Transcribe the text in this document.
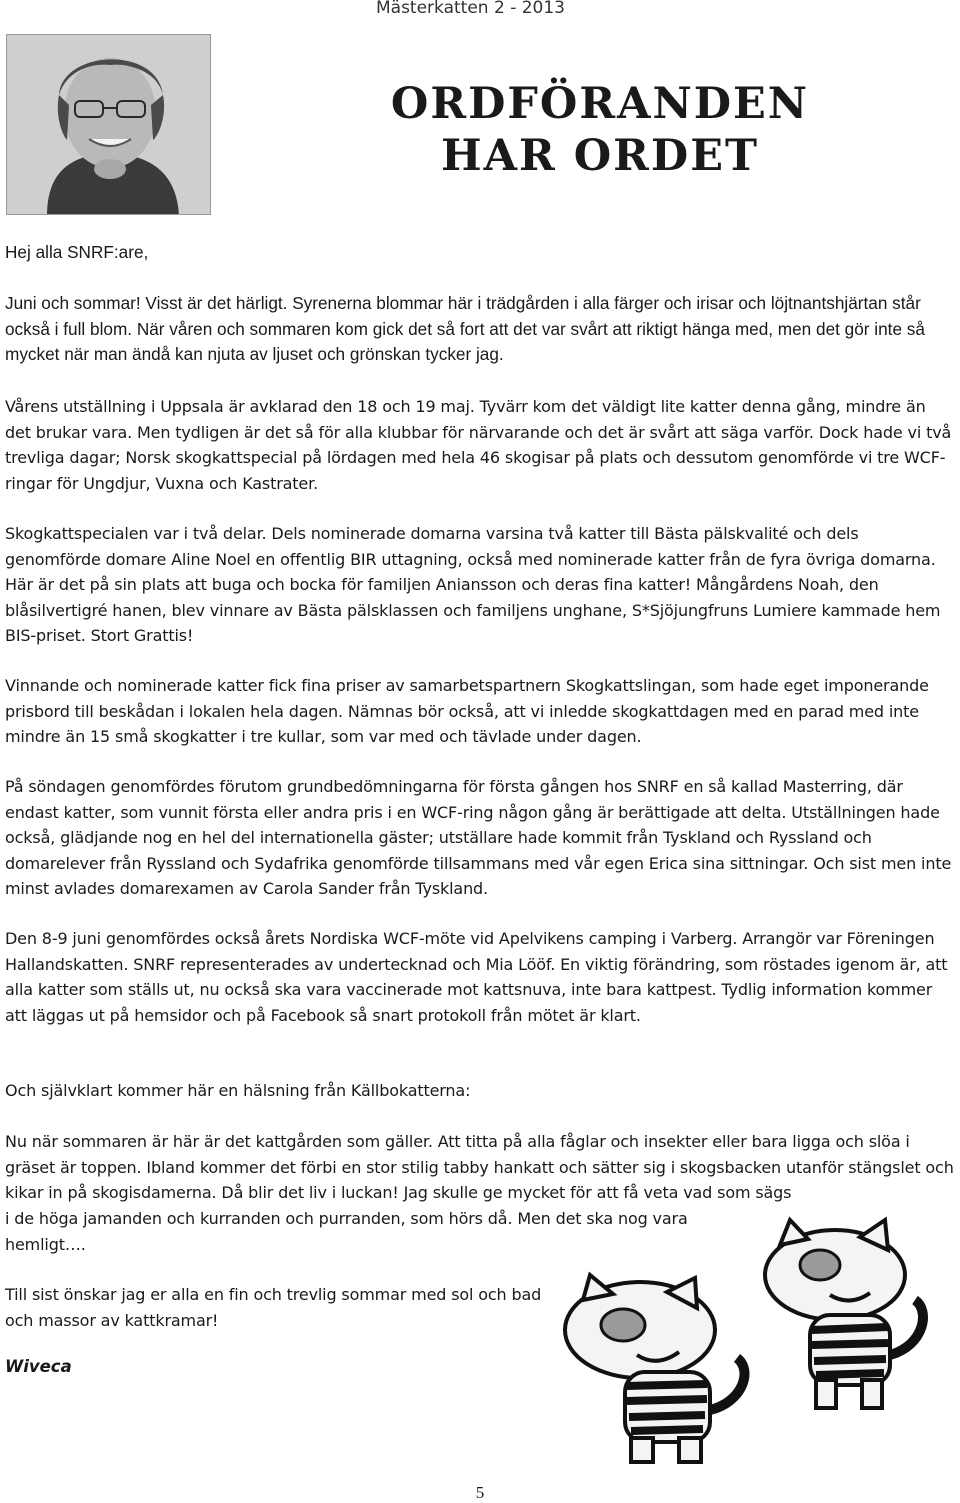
Mästerkatten 2 - 2013
ORDFÖRANDEN
HAR ORDET

Hej alla SNRF:are,

Juni och sommar! Visst är det härligt. Syrenerna blommar här i trädgården i alla färger och irisar och löjtnantshjärtan står också i full blom. När våren och sommaren kom gick det så fort att det var svårt att riktigt hänga med, men det gör inte så mycket när man ändå kan njuta av ljuset och grönskan tycker jag.

Vårens utställning i Uppsala är avklarad den 18 och 19 maj. Tyvärr kom det väldigt lite katter denna gång, mindre än det brukar vara. Men tydligen är det så för alla klubbar för närvarande och det är svårt att säga varför. Dock hade vi två trevliga dagar; Norsk skogkattspecial på lördagen med hela 46 skogisar på plats och dessutom genomförde vi tre WCF-ringar för Ungdjur, Vuxna och Kastrater.

Skogkattspecialen var i två delar. Dels nominerade domarna varsina två katter till Bästa pälskvalité och dels genomförde domare Aline Noel en offentlig BIR uttagning, också med nominerade katter från de fyra övriga domarna. Här är det på sin plats att buga och bocka för familjen Aniansson och deras fina katter! Mångårdens Noah, den blåsilvertigré hanen, blev vinnare av Bästa pälsklassen och familjens unghane, S*Sjöjungfruns Lumiere kammade hem BIS-priset. Stort Grattis!

Vinnande och nominerade katter fick fina priser av samarbetspartnern Skogkattslingan, som hade eget imponerande prisbord till beskådan i lokalen hela dagen. Nämnas bör också, att vi inledde skogkattdagen med en parad med inte mindre än 15 små skogkatter i tre kullar, som var med och tävlade under dagen.

På söndagen genomfördes förutom grundbedömningarna för första gången hos SNRF en så kallad Masterring, där endast katter, som vunnit första eller andra pris i en WCF-ring någon gång är berättigade att delta. Utställningen hade också, glädjande nog en hel del internationella gäster; utställare hade kommit från Tyskland och Ryssland och domarelever från Ryssland och Sydafrika genomförde tillsammans med vår egen Erica sina sittningar. Och sist men inte minst avlades domarexamen av Carola Sander från Tyskland.

Den 8-9 juni genomfördes också årets Nordiska WCF-möte vid Apelvikens camping i Varberg. Arrangör var Föreningen Hallandskatten. SNRF representerades av undertecknad och Mia Lööf. En viktig förändring, som röstades igenom är, att alla katter som ställs ut, nu också ska vara vaccinerade mot kattsnuva, inte bara kattpest. Tydlig information kommer att läggas ut på hemsidor och på Facebook så snart protokoll från mötet är klart.

Och självklart kommer här en hälsning från Källbokatterna:

Nu när sommaren är här är det kattgården som gäller. Att titta på alla fåglar och insekter eller bara ligga och slöa i gräset är toppen. Ibland kommer det förbi en stor stilig tabby hankatt och sätter sig i skogsbacken utanför stängslet och kikar in på skogisdamerna. Då blir det liv i luckan! Jag skulle ge mycket för att få veta vad som sägs

i de höga jamanden och kurranden och purranden, som hörs då. Men det ska nog vara hemligt….

Till sist önskar jag er alla en fin och trevlig sommar med sol och bad och massor av kattkramar!

Wiveca
5
